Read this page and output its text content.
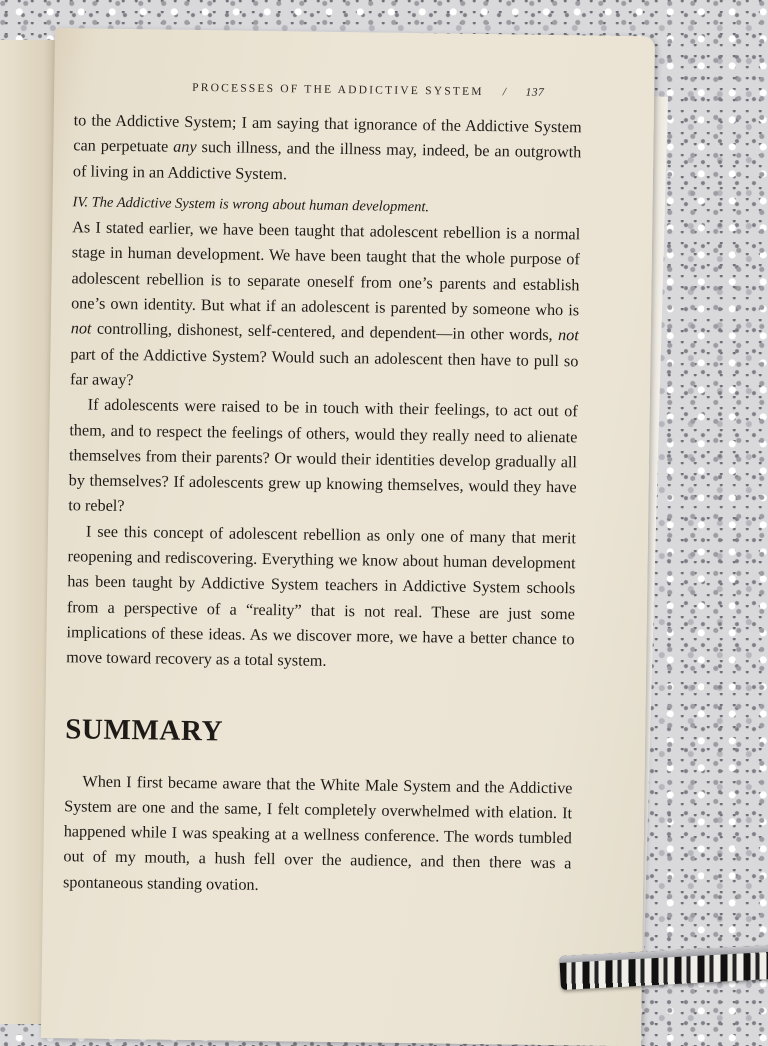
PROCESSES OF THE ADDICTIVE SYSTEM / 137

to the Addictive System; I am saying that ignorance of the Addictive System can perpetuate any such illness, and the illness may, indeed, be an outgrowth of living in an Addictive System.

IV. The Addictive System is wrong about human development.

As I stated earlier, we have been taught that adolescent rebellion is a normal stage in human development. We have been taught that the whole purpose of adolescent rebellion is to separate oneself from one’s parents and establish one’s own identity. But what if an adolescent is parented by someone who is not controlling, dishonest, self-centered, and dependent—in other words, not part of the Addictive System? Would such an adolescent then have to pull so far away?

If adolescents were raised to be in touch with their feelings, to act out of them, and to respect the feelings of others, would they really need to alienate themselves from their parents? Or would their identities develop gradually all by themselves? If adolescents grew up knowing themselves, would they have to rebel?

I see this concept of adolescent rebellion as only one of many that merit reopening and rediscovering. Everything we know about human development has been taught by Addictive System teachers in Addictive System schools from a perspective of a “reality” that is not real. These are just some implications of these ideas. As we discover more, we have a better chance to move toward recovery as a total system.

SUMMARY

When I first became aware that the White Male System and the Addictive System are one and the same, I felt completely overwhelmed with elation. It happened while I was speaking at a wellness conference. The words tumbled out of my mouth, a hush fell over the audience, and then there was a spontaneous standing ovation.
